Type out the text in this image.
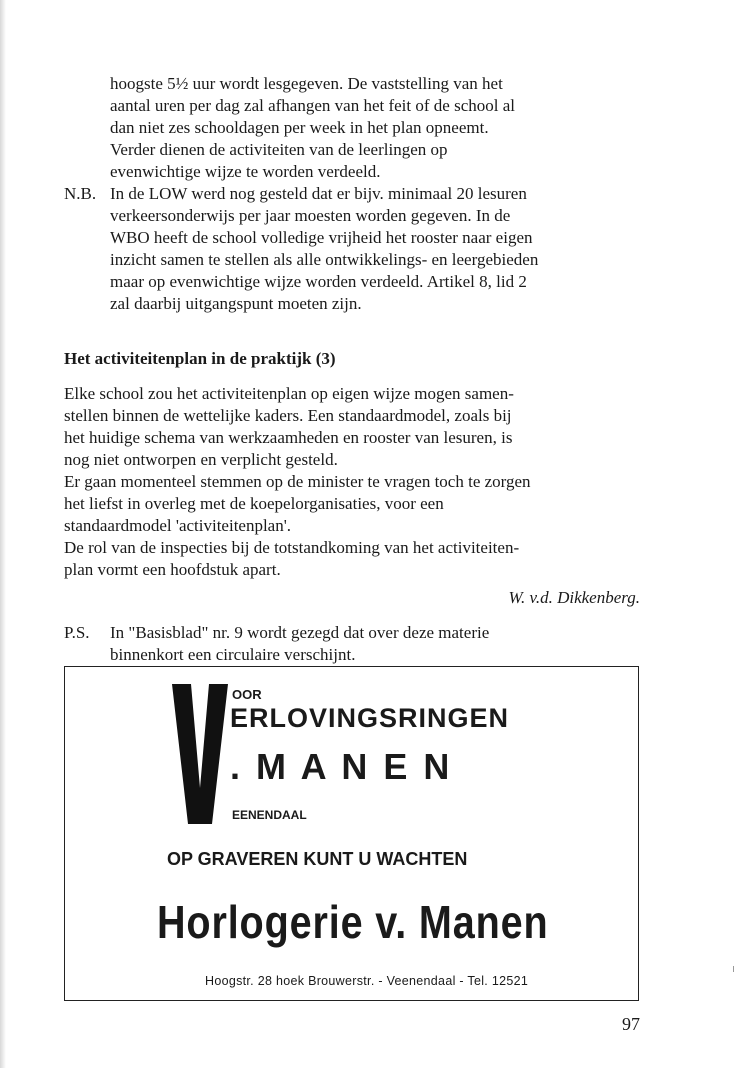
hoogste 5½ uur wordt lesgegeven. De vaststelling van het
aantal uren per dag zal afhangen van het feit of de school al
dan niet zes schooldagen per week in het plan opneemt.
Verder dienen de activiteiten van de leerlingen op
evenwichtige wijze te worden verdeeld.
N.B. In de LOW werd nog gesteld dat er bijv. minimaal 20 lesuren
verkeersonderwijs per jaar moesten worden gegeven. In de
WBO heeft de school volledige vrijheid het rooster naar eigen
inzicht samen te stellen als alle ontwikkelings- en leergebieden
maar op evenwichtige wijze worden verdeeld. Artikel 8, lid 2
zal daarbij uitgangspunt moeten zijn.
Het activiteitenplan in de praktijk (3)
Elke school zou het activiteitenplan op eigen wijze mogen samen-
stellen binnen de wettelijke kaders. Een standaardmodel, zoals bij
het huidige schema van werkzaamheden en rooster van lesuren, is
nog niet ontworpen en verplicht gesteld.
Er gaan momenteel stemmen op de minister te vragen toch te zorgen
het liefst in overleg met de koepelorganisaties, voor een
standaardmodel 'activiteitenplan'.
De rol van de inspecties bij de totstandkoming van het activiteiten-
plan vormt een hoofdstuk apart.
W. v.d. Dikkenberg.
P.S. In "Basisblad" nr. 9 wordt gezegd dat over deze materie
binnenkort een circulaire verschijnt.
OOR
ERLOVINGSRINGEN
. M A N E N
EENENDAAL
OP GRAVEREN KUNT U WACHTEN
Horlogerie v. Manen
Hoogstr. 28 hoek Brouwerstr. - Veenendaal - Tel. 12521
97
